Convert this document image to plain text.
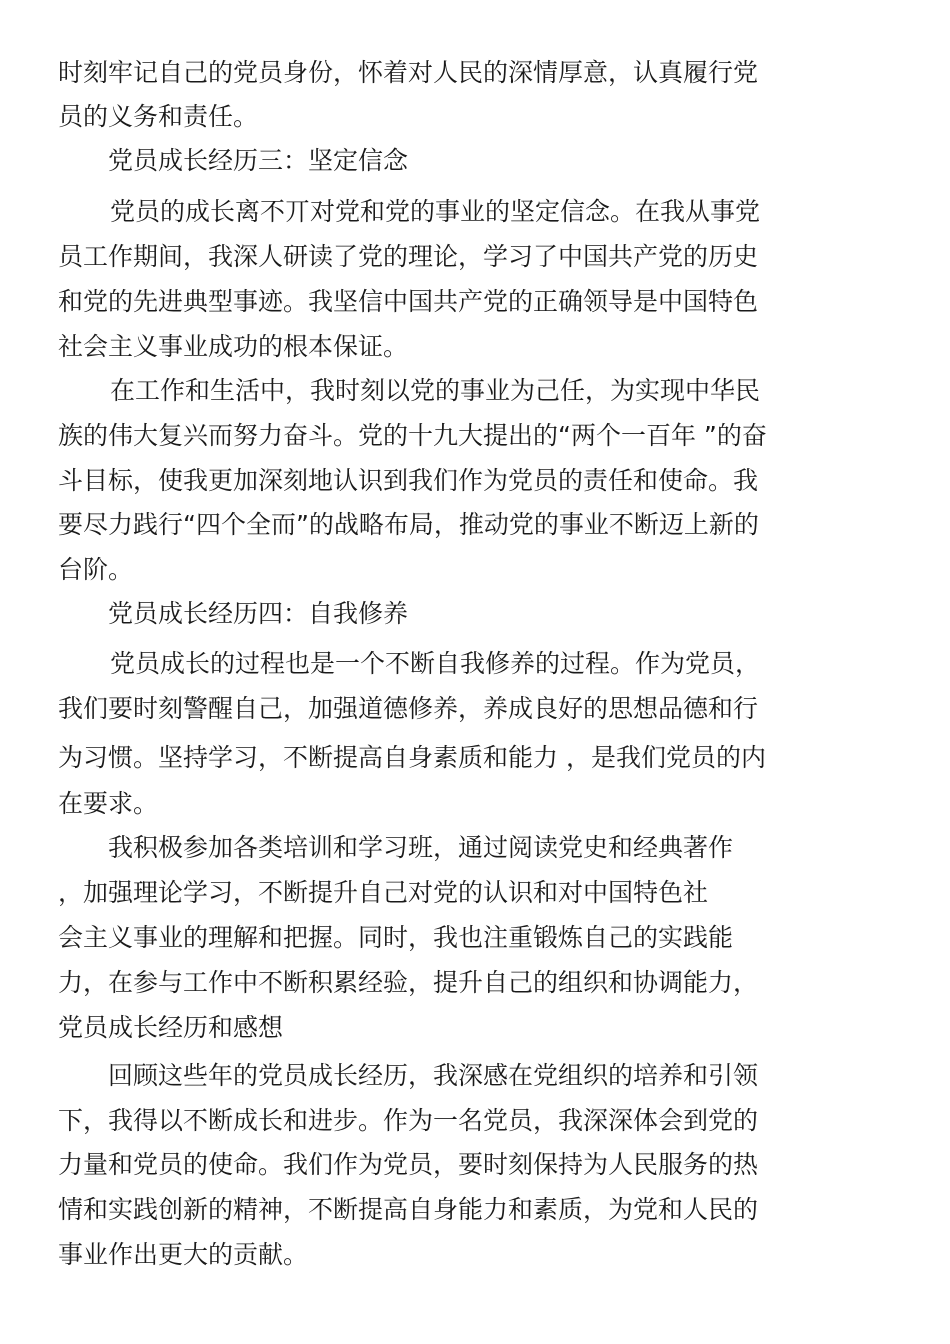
时刻牢记自己的党员身份，怀着对人民的深情厚意，认真履行党

员的义务和责任。

党员成长经历三：坚定信念

党员的成长离不丌对党和党的事业的坚定信念。在我从事党

员工作期间，我深人研读了党的理论，学习了中国共产党的历史

和党的先进典型事迹。我坚信中国共产党的正确领导是中国特色

社会主义事业成功的根本保证。

在工作和生活中，我时刻以党的事业为己任，为实现中华民

族的伟大复兴而努力奋斗。党的十九大提出的“两个一百年 ”的奋

斗目标，使我更加深刻地认识到我们作为党员的责任和使命。我

要尽力践行“四个全而”的战略布局，推动党的事业不断迈上新的

台阶。

党员成长经历四：自我修养

党员成长的过程也是一个不断自我修养的过程。作为党员，

我们要时刻警醒自己，加强道德修养，养成良好的思想品德和行

为习惯。坚持学习，不断提高自身素质和能力 ，是我们党员的内

在要求。

我积极参加各类培训和学习班，通过阅读党史和经典著作

，加强理论学习，不断提升自己对党的认识和对中国特色社

会主义事业的理解和把握。同时，我也注重锻炼自己的实践能

力，在参与工作中不断积累经验，提升自己的组织和协调能力，

党员成长经历和感想

回顾这些年的党员成长经历，我深感在党组织的培养和引领

下，我得以不断成长和进步。作为一名党员，我深深体会到党的

力量和党员的使命。我们作为党员，要时刻保持为人民服务的热

情和实践创新的精神，不断提高自身能力和素质，为党和人民的

事业作出更大的贡献。
